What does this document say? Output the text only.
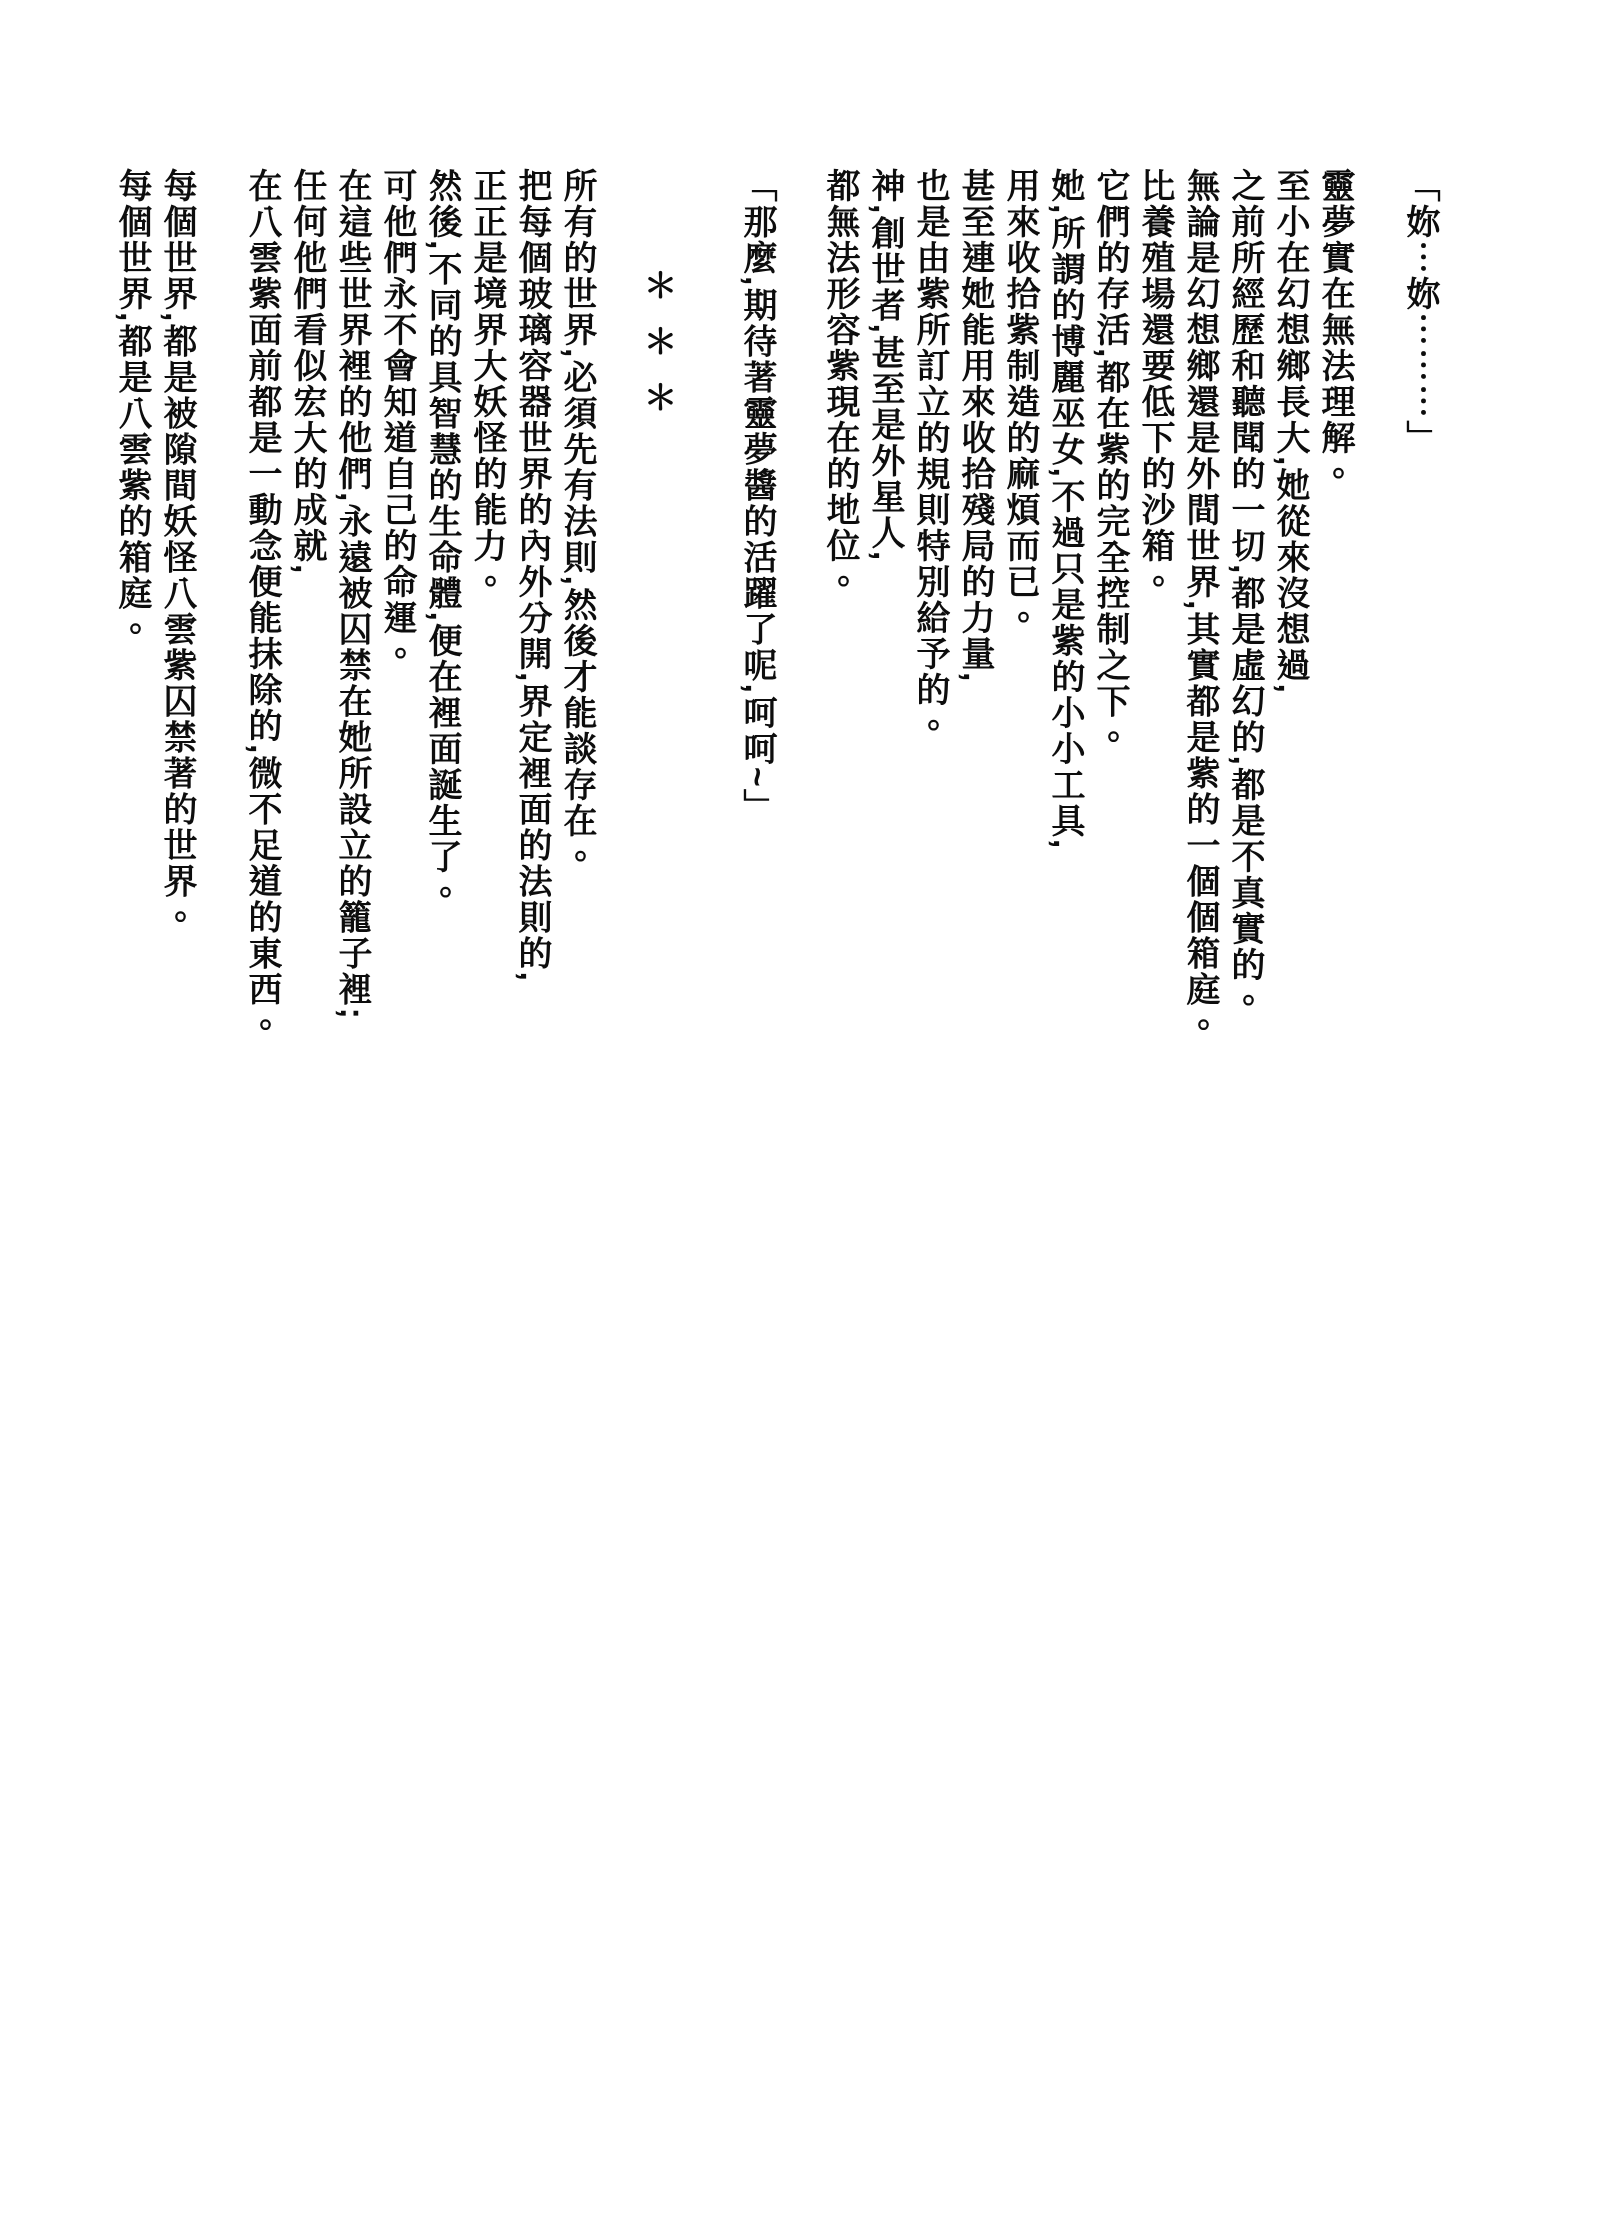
「妳︙妳︙︙︙」

靈夢實在無法理解。

至小在幻想鄉長大,她從來沒想過,

之前所經歷和聽聞的一切,都是虛幻的,都是不真實的。

無論是幻想鄉還是外間世界,其實都是紫的一個個箱庭。

比養殖場還要低下的沙箱。

它們的存活,都在紫的完全控制之下。

她,所謂的博麗巫女,不過只是紫的小小工具,

用來收拾紫制造的麻煩而已。

甚至連她能用來收拾殘局的力量,

也是由紫所訂立的規則特別給予的。

神,創世者,甚至是外星人,

都無法形容紫現在的地位。

「那麼,期待著靈夢醬的活躍了呢,呵呵~」

＊＊＊

所有的世界,必須先有法則,然後才能談存在。

把每個玻璃容器世界的內外分開,界定裡面的法則的,

正正是境界大妖怪的能力。

然後,不同的具智慧的生命體,便在裡面誕生了。

可他們永不會知道自己的命運。

在這些世界裡的他們,永遠被囚禁在她所設立的籠子裡;

任何他們看似宏大的成就,

在八雲紫面前都是一動念便能抹除的,微不足道的東西。

每個世界,都是被隙間妖怪八雲紫囚禁著的世界。

每個世界,都是八雲紫的箱庭。
